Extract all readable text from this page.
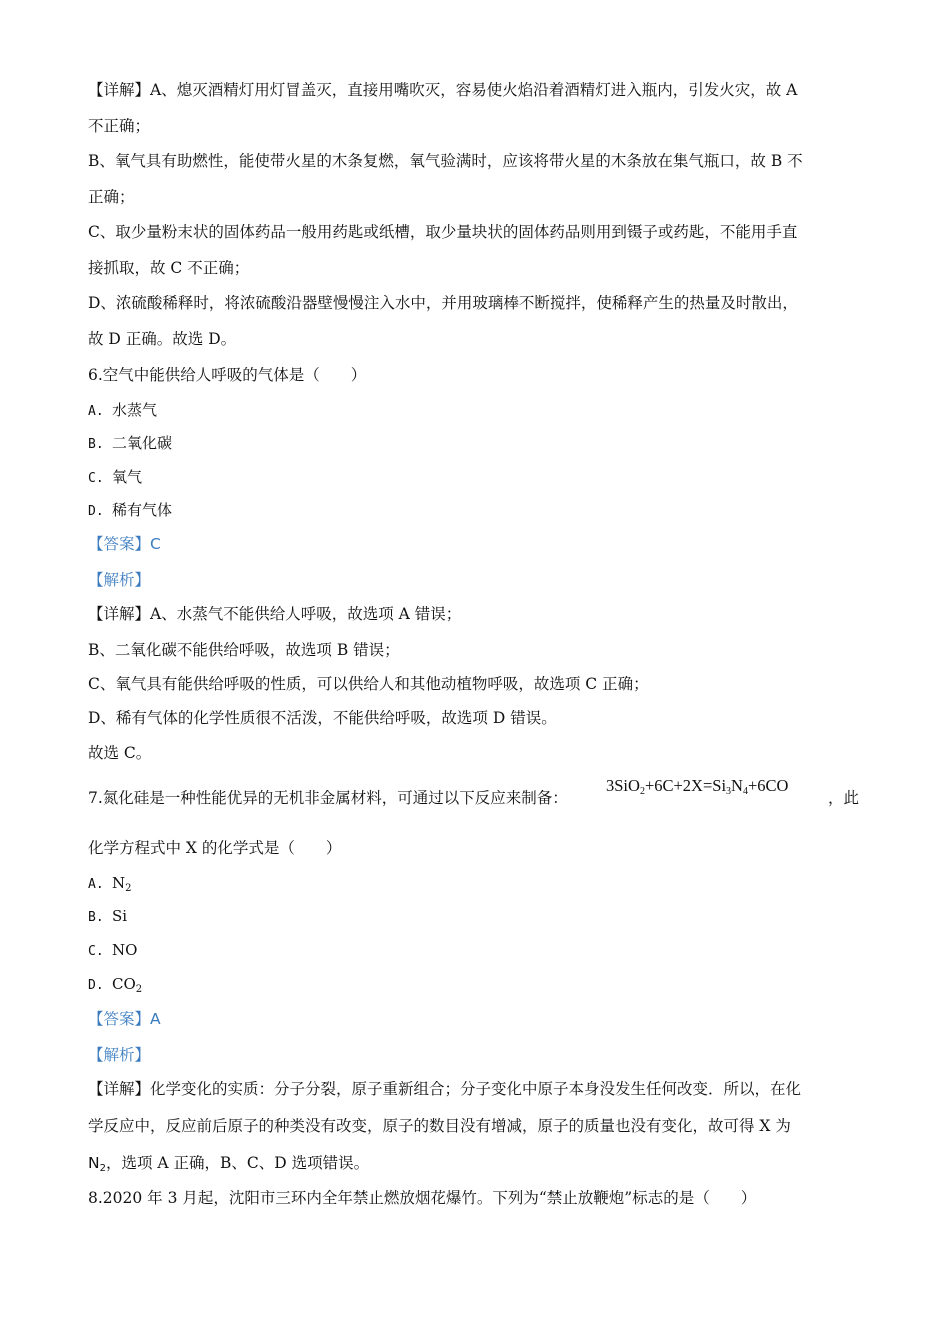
【详解】A、熄灭酒精灯用灯冒盖灭，直接用嘴吹灭，容易使火焰沿着酒精灯进入瓶内，引发火灾，故 A
不正确；
B、氧气具有助燃性，能使带火星的木条复燃，氧气验满时，应该将带火星的木条放在集气瓶口，故 B 不
正确；
C、取少量粉末状的固体药品一般用药匙或纸槽，取少量块状的固体药品则用到镊子或药匙，不能用手直
接抓取，故 C 不正确；
D、浓硫酸稀释时，将浓硫酸沿器壁慢慢注入水中，并用玻璃棒不断搅拌，使稀释产生的热量及时散出，
故 D 正确。故选 D。
6.空气中能供给人呼吸的气体是（　　）
A. 水蒸气
B. 二氧化碳
C. 氧气
D. 稀有气体
【答案】C
【解析】
【详解】A、水蒸气不能供给人呼吸，故选项 A 错误；
B、二氧化碳不能供给呼吸，故选项 B 错误；
C、氧气具有能供给呼吸的性质，可以供给人和其他动植物呼吸，故选项 C 正确；
D、稀有气体的化学性质很不活泼，不能供给呼吸，故选项 D 错误。
故选 C。
7.氮化硅是一种性能优异的无机非金属材料，可通过以下反应来制备：
$3SiO_2+6C+2X=Si_3N_4+6CO$
，此
化学方程式中 X 的化学式是（　　）
A. $N_2$
B. Si
C. NO
D. $CO_2$
【答案】A
【解析】
【详解】化学变化的实质：分子分裂，原子重新组合；分子变化中原子本身没发生任何改变．所以，在化
学反应中，反应前后原子的种类没有改变，原子的数目没有增减，原子的质量也没有变化，故可得 X 为
$N_2$，选项 A 正确，B、C、D 选项错误。
8.2020 年 3 月起，沈阳市三环内全年禁止燃放烟花爆竹。下列为“禁止放鞭炮”标志的是（　　）
